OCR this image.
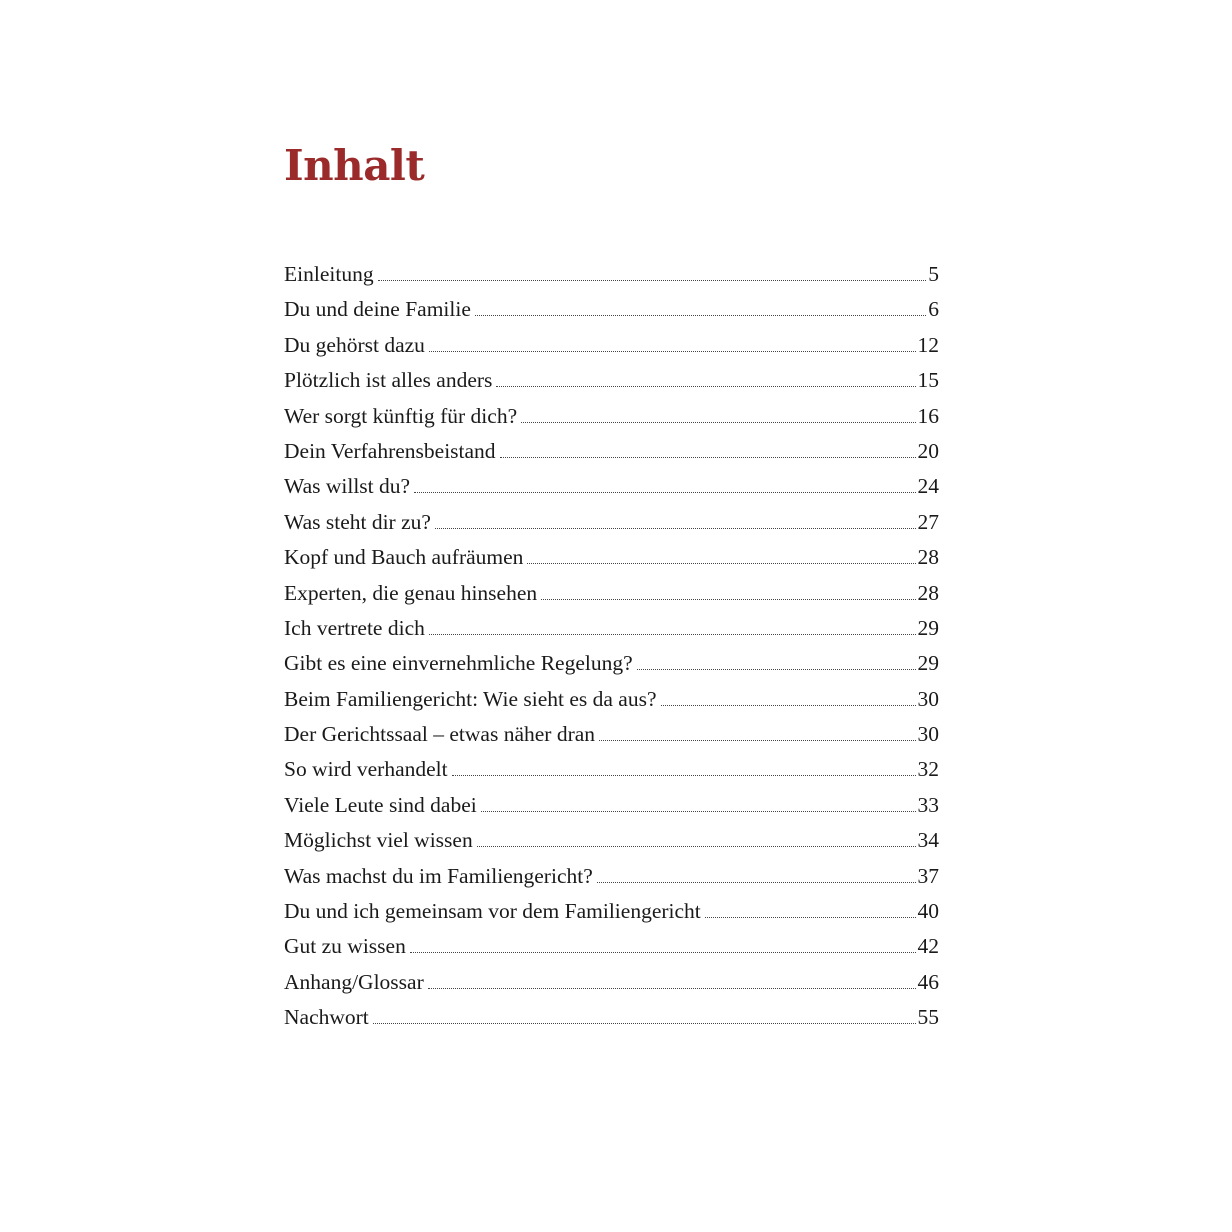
Inhalt
Einleitung	5
Du und deine Familie	6
Du gehörst dazu	12
Plötzlich ist alles anders	15
Wer sorgt künftig für dich?	16
Dein Verfahrensbeistand	20
Was willst du?	24
Was steht dir zu?	27
Kopf und Bauch aufräumen	28
Experten, die genau hinsehen	28
Ich vertrete dich	29
Gibt es eine einvernehmliche Regelung?	29
Beim Familiengericht: Wie sieht es da aus?	30
Der Gerichtssaal – etwas näher dran	30
So wird verhandelt	32
Viele Leute sind dabei	33
Möglichst viel wissen	34
Was machst du im Familiengericht?	37
Du und ich gemeinsam vor dem Familiengericht	40
Gut zu wissen	42
Anhang/Glossar	46
Nachwort	55
